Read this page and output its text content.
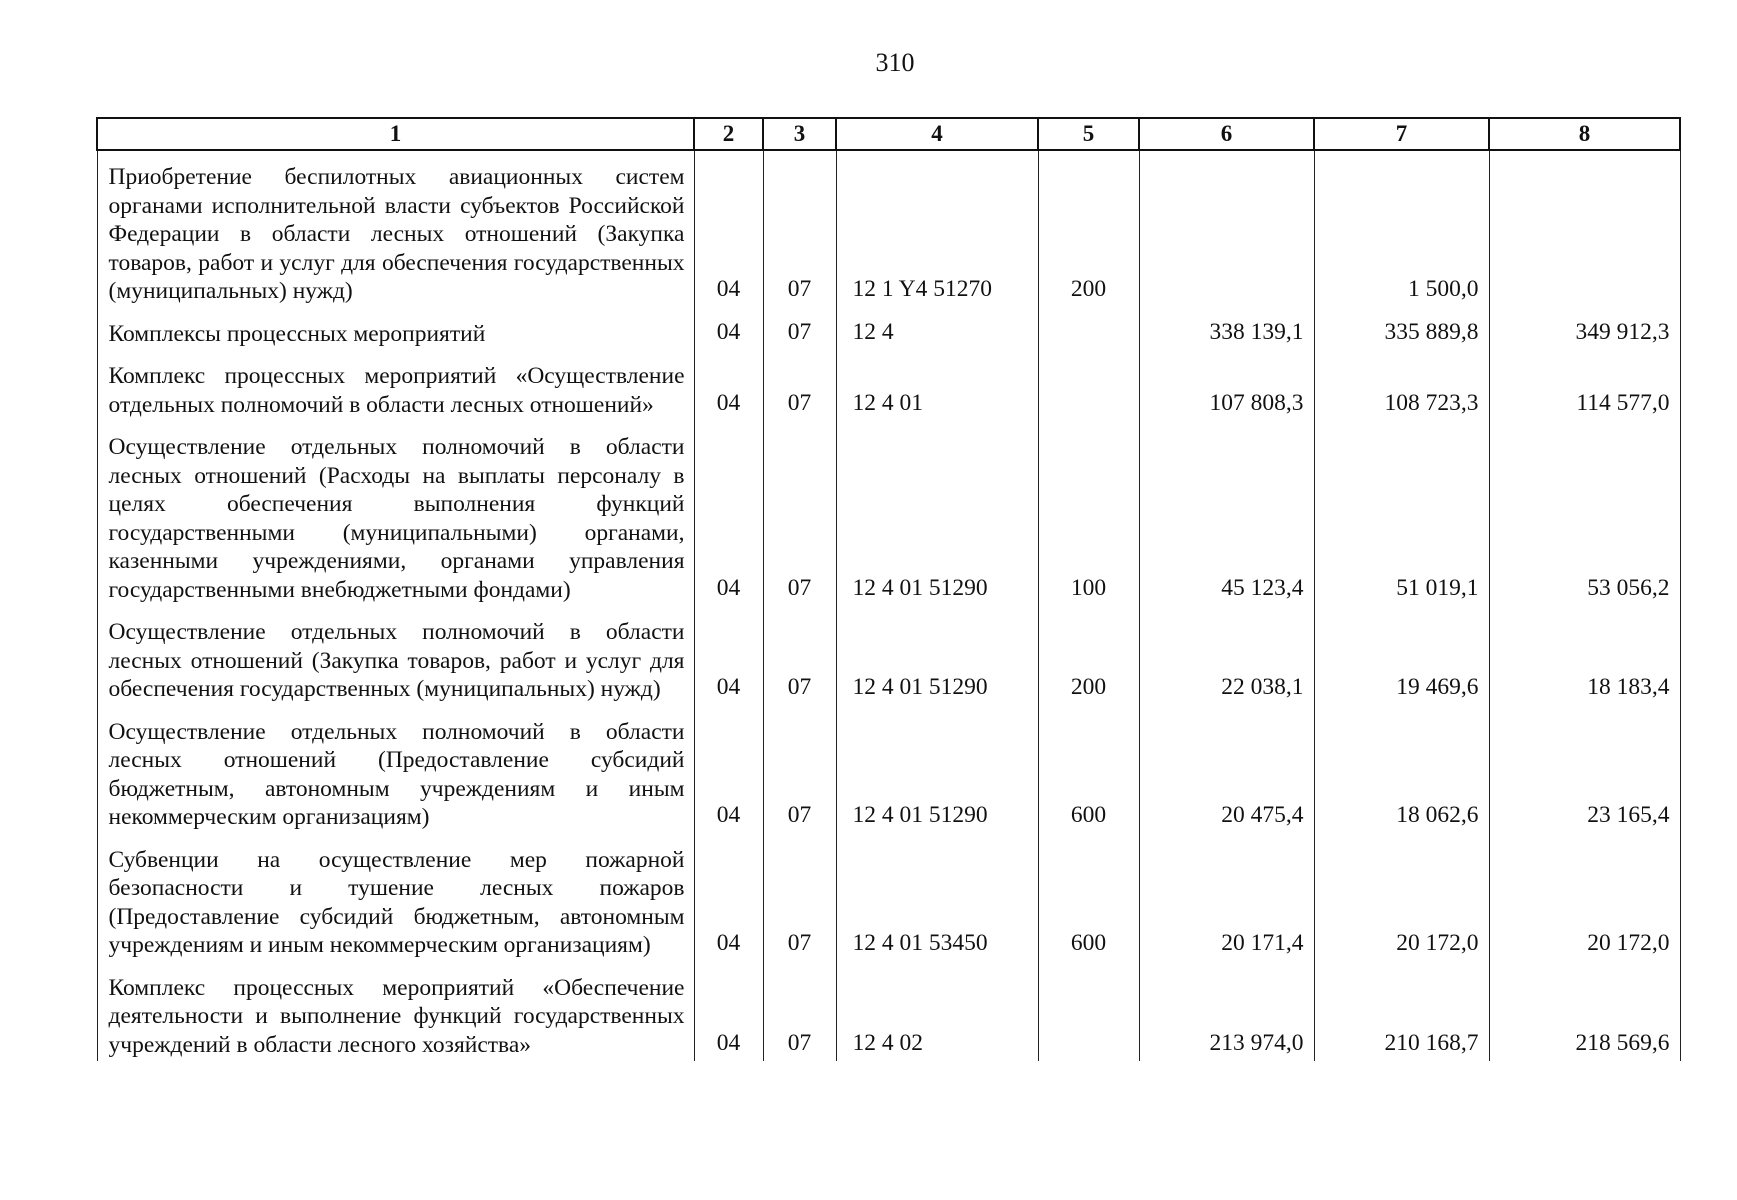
310
1	2	3	4	5	6	7	8
Приобретение беспилотных авиационных систем органами исполнительной власти субъектов Российской Федерации в области лесных отношений (Закупка товаров, работ и услуг для обеспечения государственных (муниципальных) нужд)	04	07	12 1 Y4 51270	200		1 500,0	
Комплексы процессных мероприятий	04	07	12 4		338 139,1	335 889,8	349 912,3
Комплекс процессных мероприятий «Осуществление отдельных полномочий в области лесных отношений»	04	07	12 4 01		107 808,3	108 723,3	114 577,0
Осуществление отдельных полномочий в области лесных отношений (Расходы на выплаты персоналу в целях обеспечения выполнения функций государственными (муниципальными) органами, казенными учреждениями, органами управления государственными внебюджетными фондами)	04	07	12 4 01 51290	100	45 123,4	51 019,1	53 056,2
Осуществление отдельных полномочий в области лесных отношений (Закупка товаров, работ и услуг для обеспечения государственных (муниципальных) нужд)	04	07	12 4 01 51290	200	22 038,1	19 469,6	18 183,4
Осуществление отдельных полномочий в области лесных отношений (Предоставление субсидий бюджетным, автономным учреждениям и иным некоммерческим организациям)	04	07	12 4 01 51290	600	20 475,4	18 062,6	23 165,4
Субвенции на осуществление мер пожарной безопасности и тушение лесных пожаров (Предоставление субсидий бюджетным, автономным учреждениям и иным некоммерческим организациям)	04	07	12 4 01 53450	600	20 171,4	20 172,0	20 172,0
Комплекс процессных мероприятий «Обеспечение деятельности и выполнение функций государственных учреждений в области лесного хозяйства»	04	07	12 4 02		213 974,0	210 168,7	218 569,6
